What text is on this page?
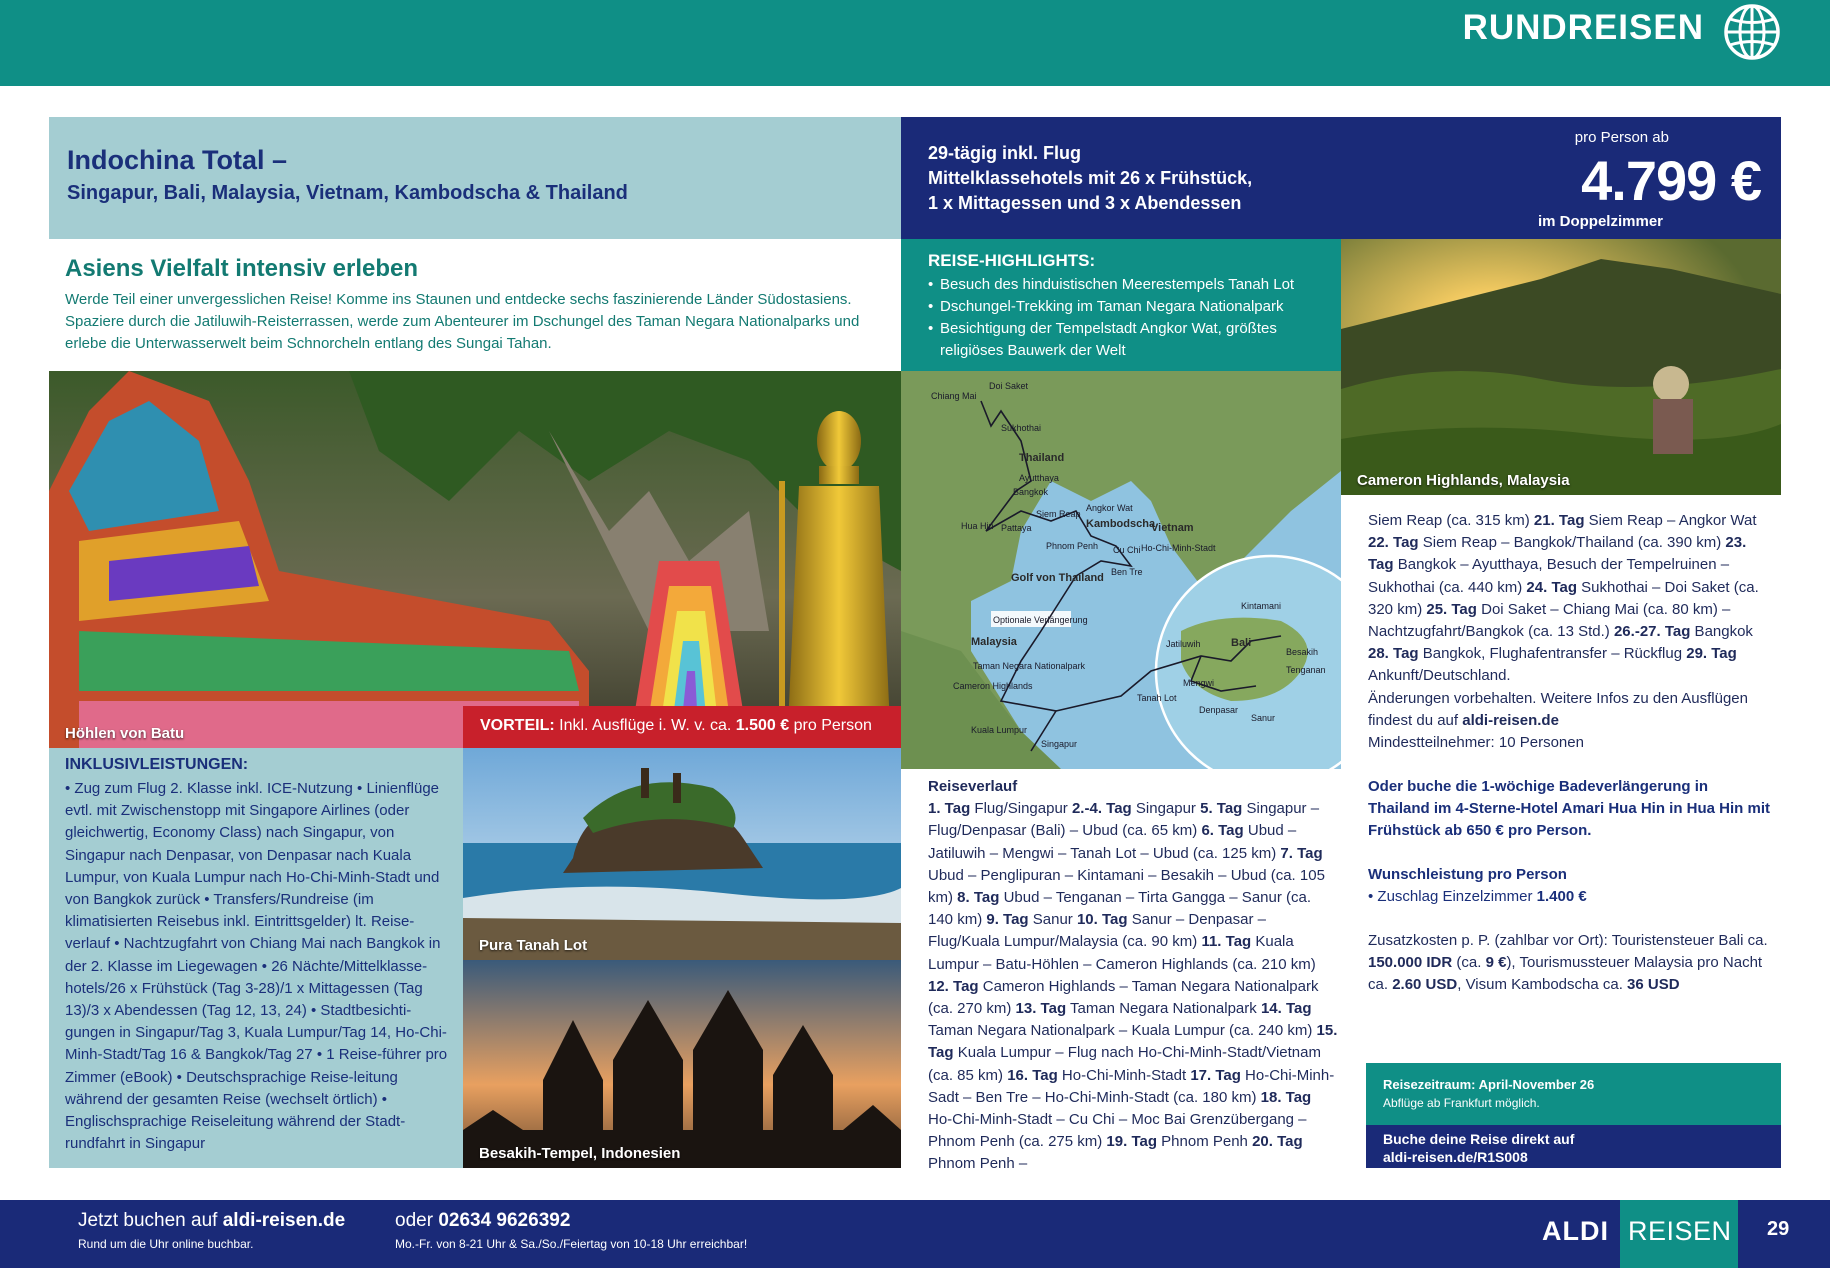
RUNDREISEN
Indochina Total –
Singapur, Bali, Malaysia, Vietnam, Kambodscha & Thailand
29-tägig inkl. Flug
Mittelklassehotels mit 26 x Frühstück,
1 x Mittagessen und 3 x Abendessen
pro Person ab
4.799 €
im Doppelzimmer
Asiens Vielfalt intensiv erleben

Werde Teil einer unvergesslichen Reise! Komme ins Staunen und entdecke sechs faszinierende Länder Südostasiens. Spaziere durch die Jatiluwih-Reisterrassen, werde zum Abenteurer im Dschungel des Taman Negara Nationalparks und erlebe die Unterwasserwelt beim Schnorcheln entlang des Sungai Tahan.

REISE-HIGHLIGHTS:
• Besuch des hinduistischen Meerestempels Tanah Lot
• Dschungel-Trekking im Taman Negara Nationalpark
• Besichtigung der Tempelstadt Angkor Wat, größtes religiöses Bauwerk der Welt
Höhlen von Batu	VORTEIL: Inkl. Ausflüge i. W. v. ca. 1.500 € pro Person
Cameron Highlands, Malaysia
Chiang Mai
Doi Saket
Sukhothai
Ayutthaya
Bangkok
Angkor Wat
Siem Reap
Hua Hin Pattaya
Phnom Penh Cu Chi
Ben Tre
Ho-Chi-Minh-Stadt
Optionale Verlängerung
Taman Negara Nationalpark
Cameron Highlands
Kuala Lumpur
Singapur
Kintamani
Jatiluwih
Besakih
Mengwi
Tenganan
Tanah Lot
Denpasar
Sanur
Thailand
Kambodscha
Vietnam
Golf von Thailand
Malaysia	Bali
INKLUSIVLEISTUNGEN:
• Zug zum Flug 2. Klasse inkl. ICE-Nutzung • Linienflüge evtl. mit Zwischenstopp mit Singapore Airlines (oder gleichwertig, Economy Class) nach Singapur, von Singapur nach Denpasar, von Denpasar nach Kuala Lumpur, von Kuala Lumpur nach Ho-Chi-Minh-Stadt und von Bangkok zurück • Transfers/Rundreise (im klimatisierten Reisebus inkl. Eintrittsgelder) lt. Reise-verlauf • Nachtzugfahrt von Chiang Mai nach Bangkok in der 2. Klasse im Liegewagen • 26 Nächte/Mittelklasse-hotels/26 x Frühstück (Tag 3-28)/1 x Mittagessen (Tag 13)/3 x Abendessen (Tag 12, 13, 24) • Stadtbesichti-gungen in Singapur/Tag 3, Kuala Lumpur/Tag 14, Ho-Chi-Minh-Stadt/Tag 16 & Bangkok/Tag 27 • 1 Reise-führer pro Zimmer (eBook) • Deutschsprachige Reise-leitung während der gesamten Reise (wechselt örtlich) • Englischsprachige Reiseleitung während der Stadt-rundfahrt in Singapur
Pura Tanah Lot
Besakih-Tempel, Indonesien
Reiseverlauf
1. Tag Flug/Singapur 2.-4. Tag Singapur 5. Tag Singapur – Flug/Denpasar (Bali) – Ubud (ca. 65 km) 6. Tag Ubud – Jatiluwih – Mengwi – Tanah Lot – Ubud (ca. 125 km) 7. Tag Ubud – Penglipuran – Kintamani – Besakih – Ubud (ca. 105 km) 8. Tag Ubud – Tenganan – Tirta Gangga – Sanur (ca. 140 km) 9. Tag Sanur 10. Tag Sanur – Denpasar – Flug/Kuala Lumpur/Malaysia (ca. 90 km) 11. Tag Kuala Lumpur – Batu-Höhlen – Cameron Highlands (ca. 210 km) 12. Tag Cameron Highlands – Taman Negara Nationalpark (ca. 270 km) 13. Tag Taman Negara Nationalpark 14. Tag Taman Negara Nationalpark – Kuala Lumpur (ca. 240 km) 15. Tag Kuala Lumpur – Flug nach Ho-Chi-Minh-Stadt/Vietnam (ca. 85 km) 16. Tag Ho-Chi-Minh-Stadt 17. Tag Ho-Chi-Minh-Sadt – Ben Tre – Ho-Chi-Minh-Stadt (ca. 180 km) 18. Tag Ho-Chi-Minh-Stadt – Cu Chi – Moc Bai Grenzübergang – Phnom Penh (ca. 275 km) 19. Tag Phnom Penh 20. Tag Phnom Penh –
Siem Reap (ca. 315 km) 21. Tag Siem Reap – Angkor Wat 22. Tag Siem Reap – Bangkok/Thailand (ca. 390 km) 23. Tag Bangkok – Ayutthaya, Besuch der Tempelruinen – Sukhothai (ca. 440 km) 24. Tag Sukhothai – Doi Saket (ca. 320 km) 25. Tag Doi Saket – Chiang Mai (ca. 80 km) – Nachtzugfahrt/Bangkok (ca. 13 Std.) 26.-27. Tag Bangkok 28. Tag Bangkok, Flughafentransfer – Rückflug 29. Tag Ankunft/Deutschland.
Änderungen vorbehalten. Weitere Infos zu den Ausflügen findest du auf aldi-reisen.de
Mindestteilnehmer: 10 Personen
Oder buche die 1-wöchige Badeverlängerung in Thailand im 4-Sterne-Hotel Amari Hua Hin in Hua Hin mit Frühstück ab 650 € pro Person.
Wunschleistung pro Person
• Zuschlag Einzelzimmer 1.400 €
Zusatzkosten p. P. (zahlbar vor Ort): Touristensteuer Bali ca. 150.000 IDR (ca. 9 €), Tourismussteuer Malaysia pro Nacht ca. 2.60 USD, Visum Kambodscha ca. 36 USD
Reisezeitraum: April-November 26
Abflüge ab Frankfurt möglich.
Buche deine Reise direkt auf
aldi-reisen.de/R1S008
Jetzt buchen auf aldi-reisen.de
Rund um die Uhr online buchbar.
oder 02634 9626392
Mo.-Fr. von 8-21 Uhr & Sa./So./Feiertag von 10-18 Uhr erreichbar!	ALDI REISEN 29
